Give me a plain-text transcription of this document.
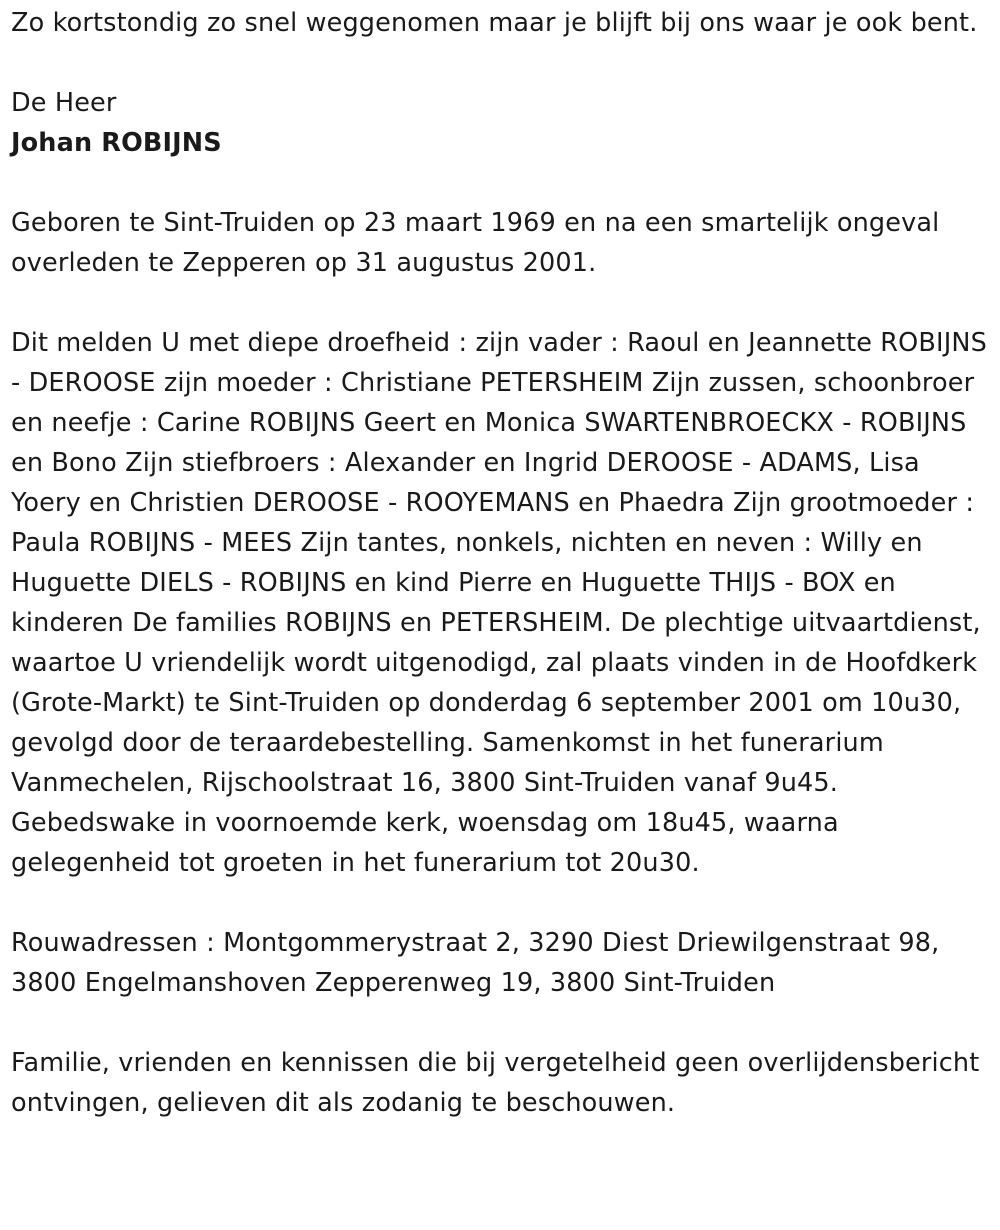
Zo kortstondig zo snel weggenomen maar je blijft bij ons waar je ook bent.

De Heer

Johan ROBIJNS

Geboren te Sint-Truiden op 23 maart 1969 en na een smartelijk ongeval overleden te Zepperen op 31 augustus 2001.

Dit melden U met diepe droefheid : zijn vader : Raoul en Jeannette ROBIJNS - DEROOSE zijn moeder : Christiane PETERSHEIM Zijn zussen, schoonbroer en neefje : Carine ROBIJNS Geert en Monica SWARTENBROECKX - ROBIJNS en Bono Zijn stiefbroers : Alexander en Ingrid DEROOSE - ADAMS, Lisa Yoery en Christien DEROOSE - ROOYEMANS en Phaedra Zijn grootmoeder : Paula ROBIJNS - MEES Zijn tantes, nonkels, nichten en neven : Willy en Huguette DIELS - ROBIJNS en kind Pierre en Huguette THIJS - BOX en kinderen De families ROBIJNS en PETERSHEIM. De plechtige uitvaartdienst, waartoe U vriendelijk wordt uitgenodigd, zal plaats vinden in de Hoofdkerk (Grote-Markt) te Sint-Truiden op donderdag 6 september 2001 om 10u30, gevolgd door de teraardebestelling. Samenkomst in het funerarium Vanmechelen, Rijschoolstraat 16, 3800 Sint-Truiden vanaf 9u45. Gebedswake in voornoemde kerk, woensdag om 18u45, waarna gelegenheid tot groeten in het funerarium tot 20u30.

Rouwadressen : Montgommerystraat 2, 3290 Diest Driewilgenstraat 98, 3800 Engelmanshoven Zepperenweg 19, 3800 Sint-Truiden

Familie, vrienden en kennissen die bij vergetelheid geen overlijdensbericht ontvingen, gelieven dit als zodanig te beschouwen.
